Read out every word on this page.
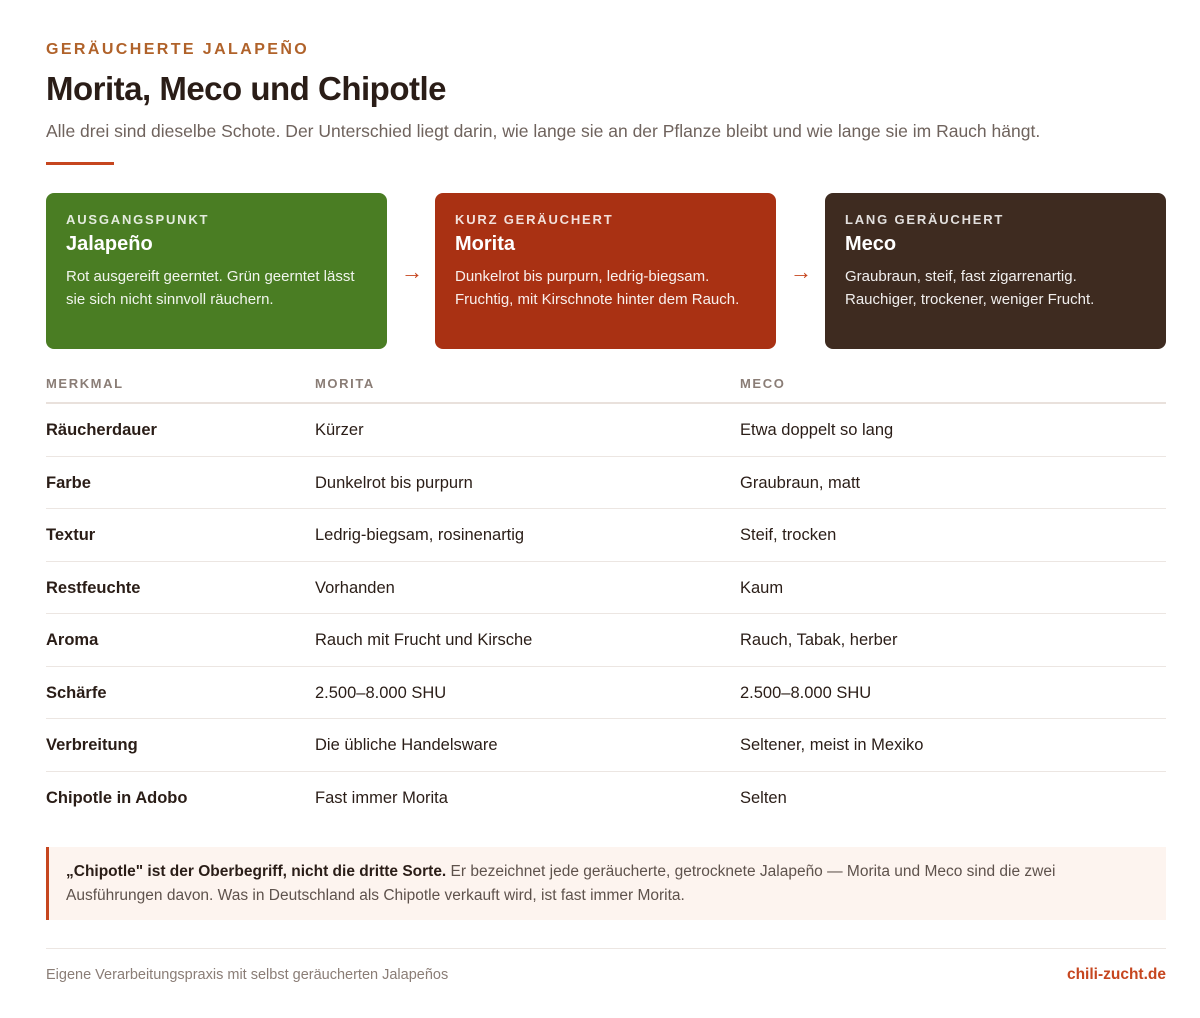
GERÄUCHERTE JALAPEÑO
Morita, Meco und Chipotle

Alle drei sind dieselbe Schote. Der Unterschied liegt darin, wie lange sie an der Pflanze bleibt und wie lange sie im Rauch hängt.

AUSGANGSPUNKT
Jalapeño
Rot ausgereift geerntet. Grün geerntet lässt sie sich nicht sinnvoll räuchern.
→
KURZ GERÄUCHERT
Morita
Dunkelrot bis purpurn, ledrig-biegsam. Fruchtig, mit Kirschnote hinter dem Rauch.
→
LANG GERÄUCHERT
Meco
Graubraun, steif, fast zigarrenartig. Rauchiger, trockener, weniger Frucht.
MERKMAL	MORITA	MECO
Räucherdauer	Kürzer	Etwa doppelt so lang
Farbe	Dunkelrot bis purpurn	Graubraun, matt
Textur	Ledrig-biegsam, rosinenartig	Steif, trocken
Restfeuchte	Vorhanden	Kaum
Aroma	Rauch mit Frucht und Kirsche	Rauch, Tabak, herber
Schärfe	2.500–8.000 SHU	2.500–8.000 SHU
Verbreitung	Die übliche Handelsware	Seltener, meist in Mexiko
Chipotle in Adobo	Fast immer Morita	Selten
„Chipotle" ist der Oberbegriff, nicht die dritte Sorte. Er bezeichnet jede geräucherte, getrocknete Jalapeño — Morita und Meco sind die zwei Ausführungen davon. Was in Deutschland als Chipotle verkauft wird, ist fast immer Morita.
Eigene Verarbeitungspraxis mit selbst geräucherten Jalapeños	chili-zucht.de
